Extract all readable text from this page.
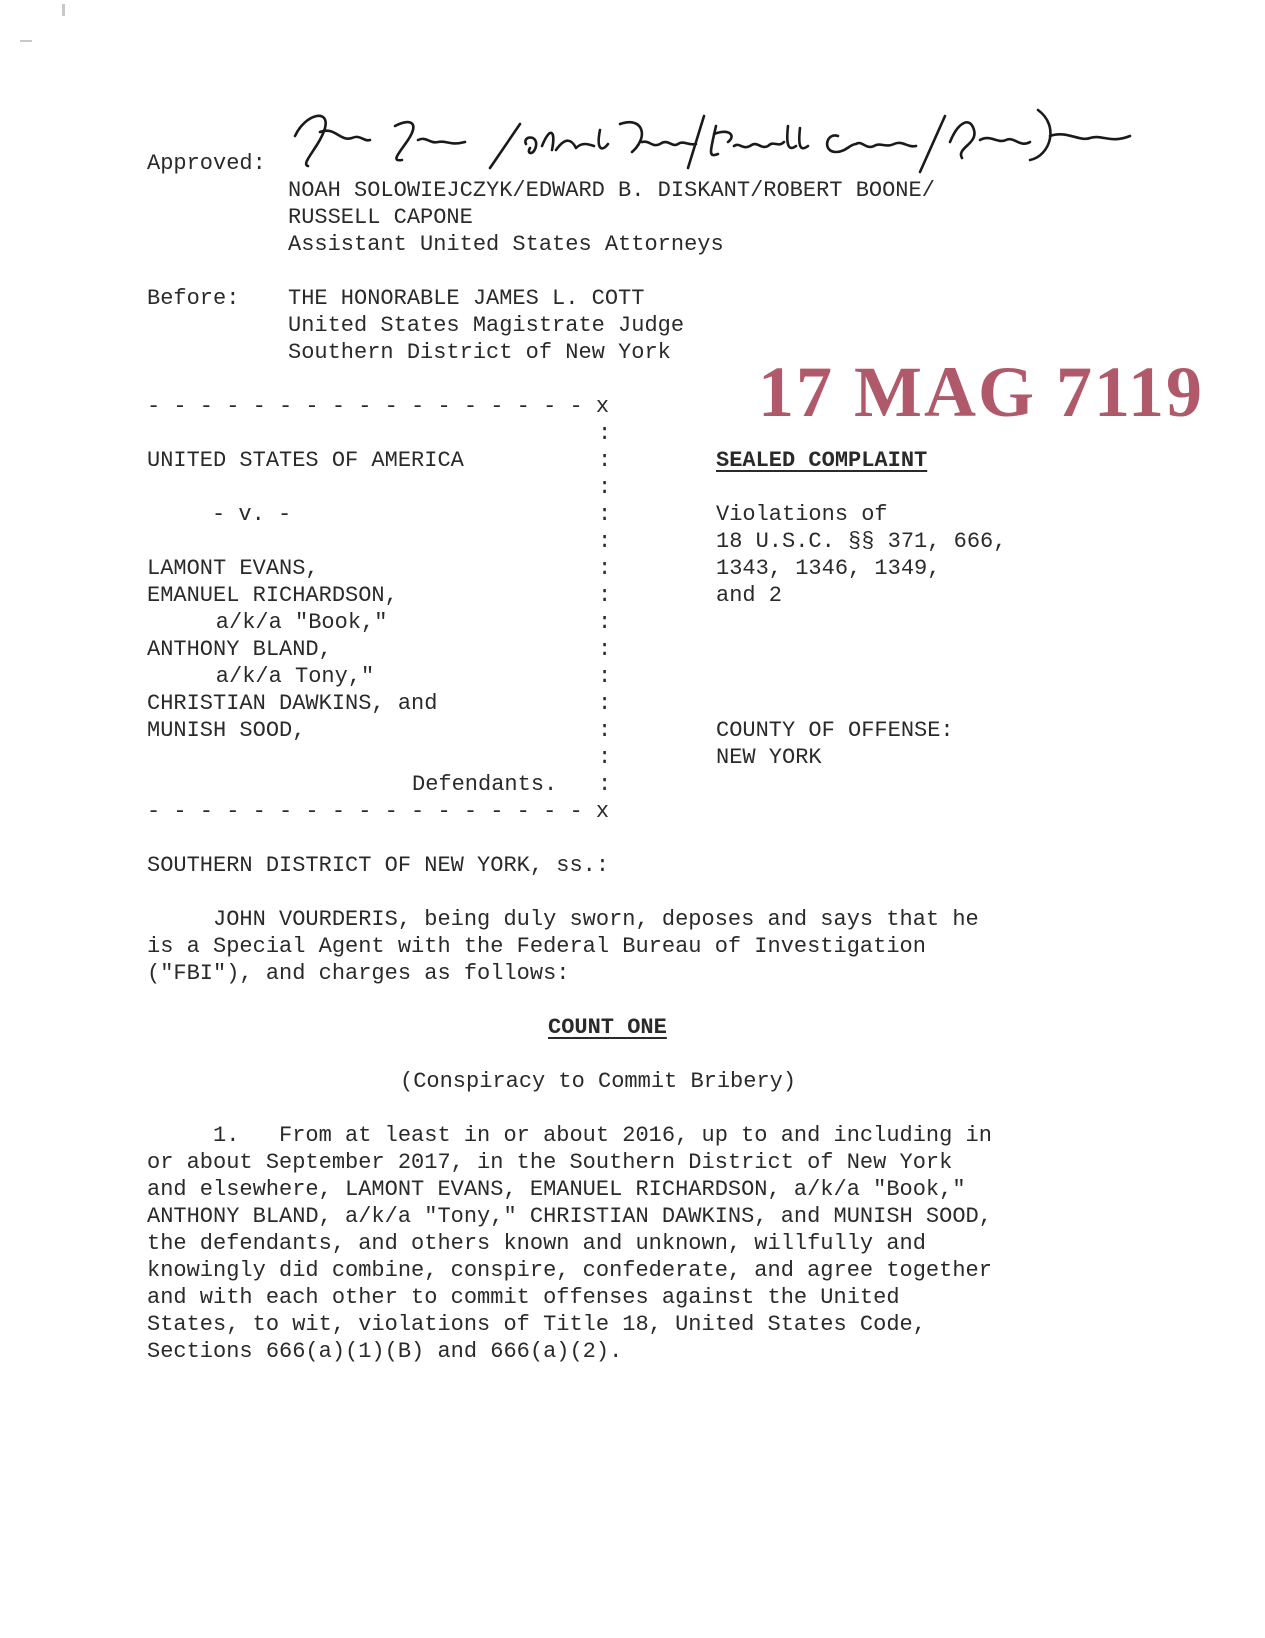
Approved:
NOAH SOLOWIEJCZYK/EDWARD B. DISKANT/ROBERT BOONE/
RUSSELL CAPONE
Assistant United States Attorneys
Before: THE HONORABLE JAMES L. COTT
United States Magistrate Judge
Southern District of New York 17 MAG 7119
- - - - - - - - - - - - - - - - - x
:
:
:
:
:
:
:
:
:
:
:
:
:
:
UNITED STATES OF AMERICA
- v. -
LAMONT EVANS,
EMANUEL RICHARDSON,
a/k/a "Book,"
ANTHONY BLAND,
a/k/a Tony,"
CHRISTIAN DAWKINS, and
MUNISH SOOD,
Defendants.
- - - - - - - - - - - - - - - - - x
SEALED COMPLAINT
Violations of
18 U.S.C. §§ 371, 666,
1343, 1346, 1349,
and 2
COUNTY OF OFFENSE:
NEW YORK
SOUTHERN DISTRICT OF NEW YORK, ss.:
JOHN VOURDERIS, being duly sworn, deposes and says that he
is a Special Agent with the Federal Bureau of Investigation
("FBI"), and charges as follows:
COUNT ONE
(Conspiracy to Commit Bribery)
1.   From at least in or about 2016, up to and including in
or about September 2017, in the Southern District of New York
and elsewhere, LAMONT EVANS, EMANUEL RICHARDSON, a/k/a "Book,"
ANTHONY BLAND, a/k/a "Tony," CHRISTIAN DAWKINS, and MUNISH SOOD,
the defendants, and others known and unknown, willfully and
knowingly did combine, conspire, confederate, and agree together
and with each other to commit offenses against the United
States, to wit, violations of Title 18, United States Code,
Sections 666(a)(1)(B) and 666(a)(2).
